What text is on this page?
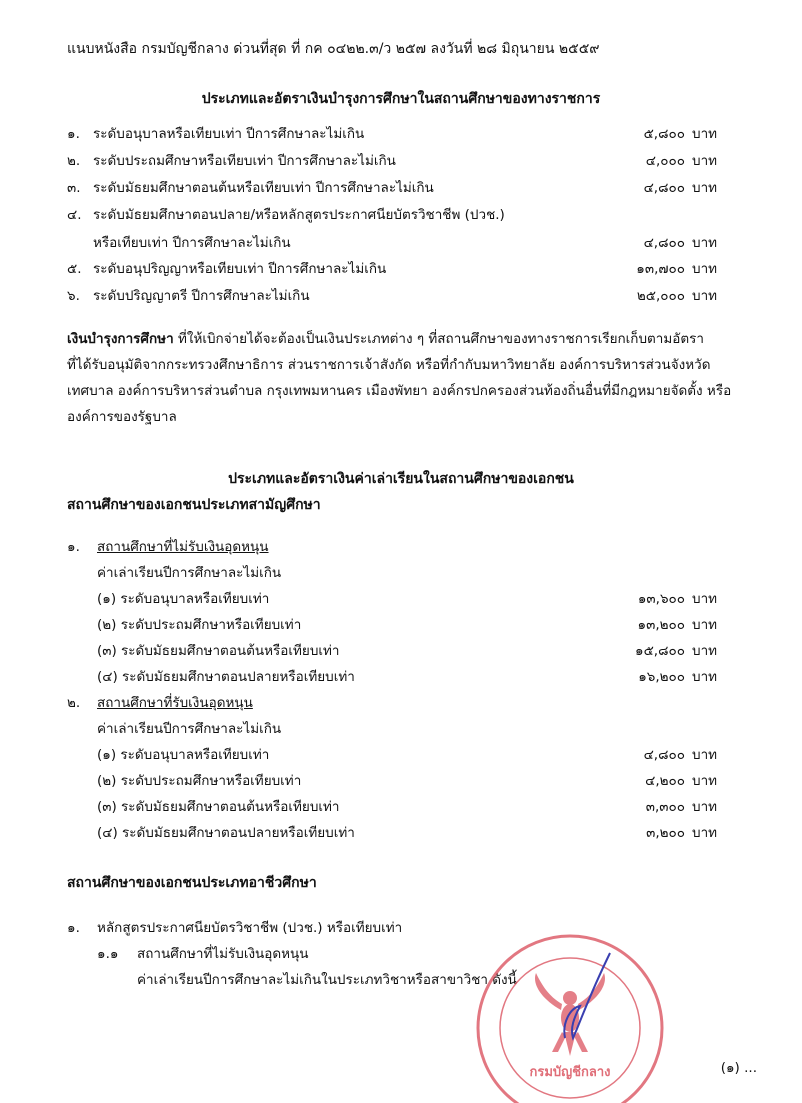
แนบหนังสือ กรมบัญชีกลาง ด่วนที่สุด ที่ กค ๐๔๒๒.๓/ว ๒๕๗ ลงวันที่ ๒๘ มิถุนายน ๒๕๕๙
ประเภทและอัตราเงินบำรุงการศึกษาในสถานศึกษาของทางราชการ
๑. ระดับอนุบาลหรือเทียบเท่า ปีการศึกษาละไม่เกิน	๕,๘๐๐ บาท
๒. ระดับประถมศึกษาหรือเทียบเท่า ปีการศึกษาละไม่เกิน	๔,๐๐๐ บาท
๓. ระดับมัธยมศึกษาตอนต้นหรือเทียบเท่า ปีการศึกษาละไม่เกิน	๔,๘๐๐ บาท
๔. ระดับมัธยมศึกษาตอนปลาย/หรือหลักสูตรประกาศนียบัตรวิชาชีพ (ปวช.)
หรือเทียบเท่า ปีการศึกษาละไม่เกิน	๔,๘๐๐ บาท
๕. ระดับอนุปริญญาหรือเทียบเท่า ปีการศึกษาละไม่เกิน	๑๓,๗๐๐ บาท
๖. ระดับปริญญาตรี ปีการศึกษาละไม่เกิน	๒๕,๐๐๐ บาท
เงินบำรุงการศึกษา ที่ให้เบิกจ่ายได้จะต้องเป็นเงินประเภทต่าง ๆ ที่สถานศึกษาของทางราชการเรียกเก็บตามอัตรา
ที่ได้รับอนุมัติจากกระทรวงศึกษาธิการ ส่วนราชการเจ้าสังกัด หรือที่กำกับมหาวิทยาลัย องค์การบริหารส่วนจังหวัด
เทศบาล องค์การบริหารส่วนตำบล กรุงเทพมหานคร เมืองพัทยา องค์กรปกครองส่วนท้องถิ่นอื่นที่มีกฎหมายจัดตั้ง หรือ
องค์การของรัฐบาล
ประเภทและอัตราเงินค่าเล่าเรียนในสถานศึกษาของเอกชน
สถานศึกษาของเอกชนประเภทสามัญศึกษา
๑. สถานศึกษาที่ไม่รับเงินอุดหนุน
ค่าเล่าเรียนปีการศึกษาละไม่เกิน
(๑) ระดับอนุบาลหรือเทียบเท่า	๑๓,๖๐๐ บาท
(๒) ระดับประถมศึกษาหรือเทียบเท่า	๑๓,๒๐๐ บาท
(๓) ระดับมัธยมศึกษาตอนต้นหรือเทียบเท่า	๑๕,๘๐๐ บาท
(๔) ระดับมัธยมศึกษาตอนปลายหรือเทียบเท่า	๑๖,๒๐๐ บาท
๒. สถานศึกษาที่รับเงินอุดหนุน
ค่าเล่าเรียนปีการศึกษาละไม่เกิน
(๑) ระดับอนุบาลหรือเทียบเท่า	๔,๘๐๐ บาท
(๒) ระดับประถมศึกษาหรือเทียบเท่า	๔,๒๐๐ บาท
(๓) ระดับมัธยมศึกษาตอนต้นหรือเทียบเท่า	๓,๓๐๐ บาท
(๔) ระดับมัธยมศึกษาตอนปลายหรือเทียบเท่า	๓,๒๐๐ บาท
สถานศึกษาของเอกชนประเภทอาชีวศึกษา
๑. หลักสูตรประกาศนียบัตรวิชาชีพ (ปวช.) หรือเทียบเท่า
๑.๑ สถานศึกษาที่ไม่รับเงินอุดหนุน
ค่าเล่าเรียนปีการศึกษาละไม่เกินในประเภทวิชาหรือสาขาวิชา ดังนี้
กรมบัญชีกลาง	(๑) ...
